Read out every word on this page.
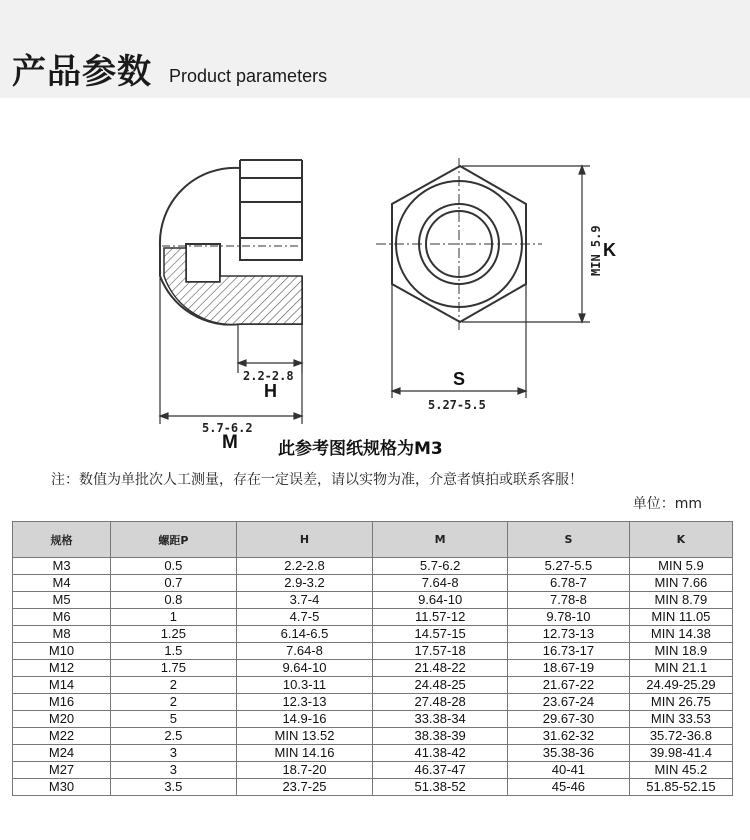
产品参数 Product parameters
2.2-2.8
H
5.7-6.2
S
5.27-5.5
MIN 5.9 K
M 此参考图纸规格为M3
注：数值为单批次人工测量，存在一定误差，请以实物为准，介意者慎拍或联系客服！
单位：mm
规格	螺距P	H	M	S	K
M3	0.5	2.2-2.8	5.7-6.2	5.27-5.5	MIN 5.9
M4	0.7	2.9-3.2	7.64-8	6.78-7	MIN 7.66
M5	0.8	3.7-4	9.64-10	7.78-8	MIN 8.79
M6	1	4.7-5	11.57-12	9.78-10	MIN 11.05
M8	1.25	6.14-6.5	14.57-15	12.73-13	MIN 14.38
M10	1.5	7.64-8	17.57-18	16.73-17	MIN 18.9
M12	1.75	9.64-10	21.48-22	18.67-19	MIN 21.1
M14	2	10.3-11	24.48-25	21.67-22	24.49-25.29
M16	2	12.3-13	27.48-28	23.67-24	MIN 26.75
M20	5	14.9-16	33.38-34	29.67-30	MIN 33.53
M22	2.5	MIN 13.52	38.38-39	31.62-32	35.72-36.8
M24	3	MIN 14.16	41.38-42	35.38-36	39.98-41.4
M27	3	18.7-20	46.37-47	40-41	MIN 45.2
M30	3.5	23.7-25	51.38-52	45-46	51.85-52.15
